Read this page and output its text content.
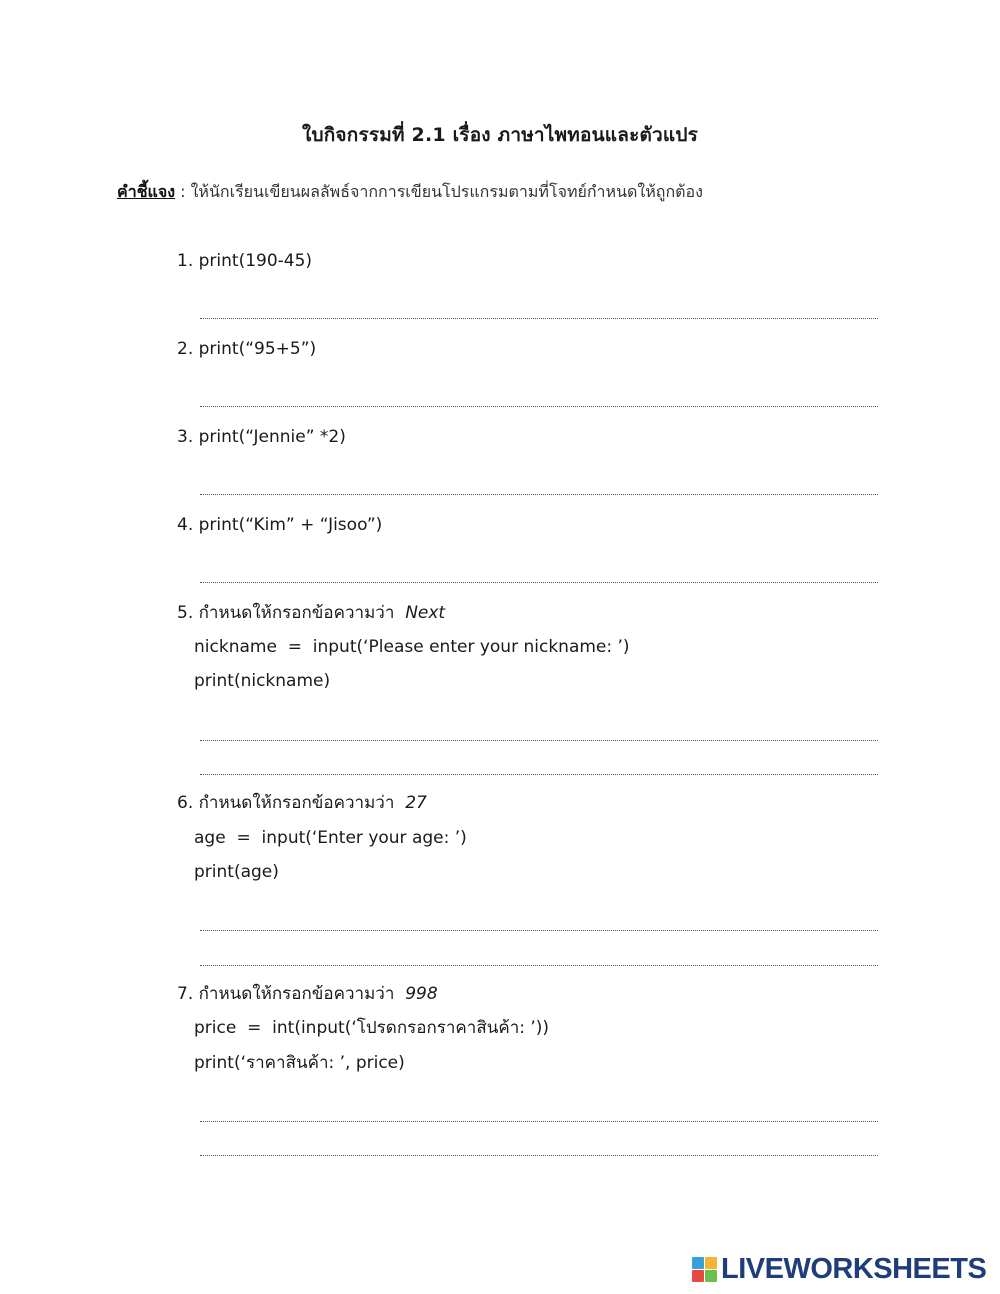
ใบกิจกรรมที่ 2.1 เรื่อง ภาษาไพทอนและตัวแปร
คำชี้แจง : ให้นักเรียนเขียนผลลัพธ์จากการเขียนโปรแกรมตามที่โจทย์กำหนดให้ถูกต้อง
1. print(190-45)
2. print(“95+5”)
3. print(“Jennie” *2)
4. print(“Kim” + “Jisoo”)
5. กำหนดให้กรอกข้อความว่า Next
nickname  =  input(‘Please enter your nickname: ’)
print(nickname)
6. กำหนดให้กรอกข้อความว่า 27
age  =  input(‘Enter your age: ’)
print(age)
7. กำหนดให้กรอกข้อความว่า 998
price  =  int(input(‘โปรดกรอกราคาสินค้า: ’))
print(‘ราคาสินค้า: ’, price)
LIVEWORKSHEETS
